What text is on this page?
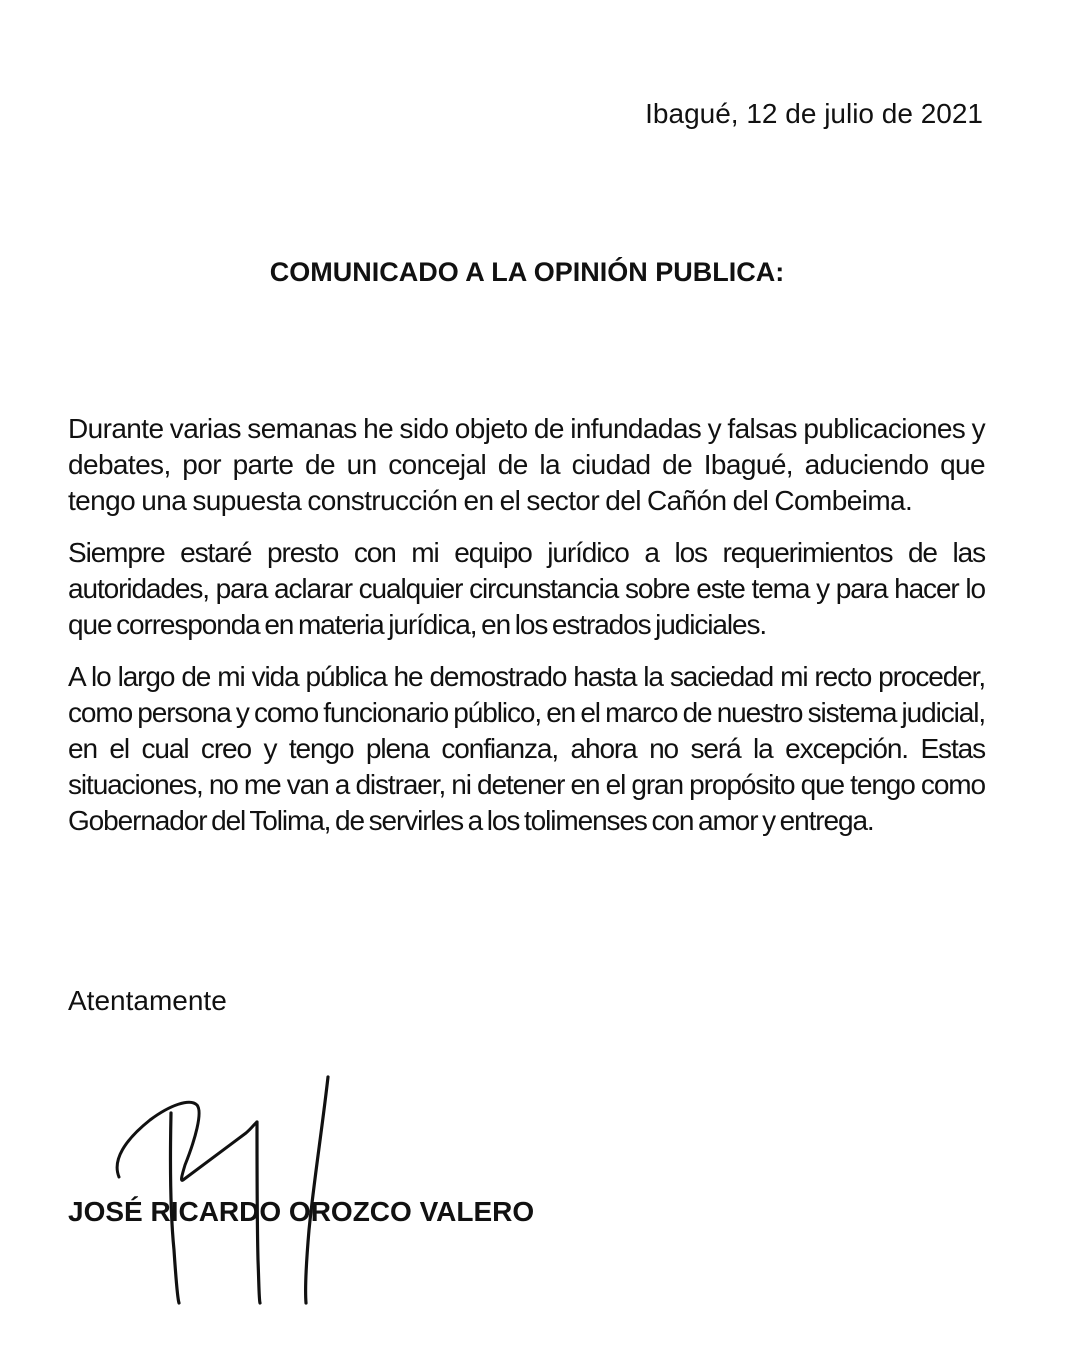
Ibagué, 12 de julio de 2021
COMUNICADO A LA OPINIÓN PUBLICA:

Durante varias semanas he sido objeto de infundadas y falsas publicaciones y debates, por parte de un concejal de la ciudad de Ibagué, aduciendo que tengo una supuesta construcción en el sector del Cañón del Combeima.

Siempre estaré presto con mi equipo jurídico a los requerimientos de las autoridades, para aclarar cualquier circunstancia sobre este tema y para hacer lo que corresponda en materia jurídica, en los estrados judiciales.

A lo largo de mi vida pública he demostrado hasta la saciedad mi recto proceder, como persona y como funcionario público, en el marco de nuestro sistema judicial, en el cual creo y tengo plena confianza, ahora no será la excepción. Estas situaciones, no me van a distraer, ni detener en el gran propósito que tengo como Gobernador del Tolima, de servirles a los tolimenses con amor y entrega.

Atentamente
JOSÉ RICARDO OROZCO VALERO
